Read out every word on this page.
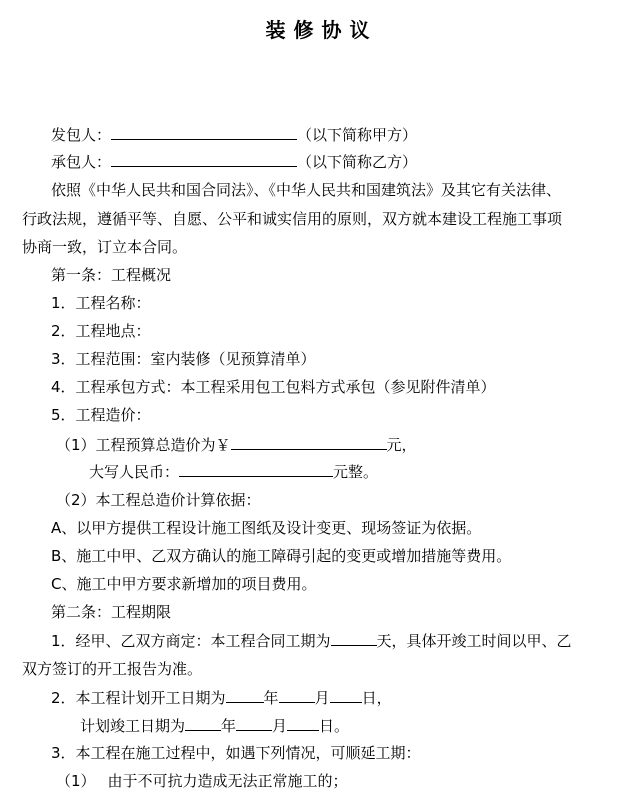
装修协议
发包人：	（以下简称甲方）
承包人：	（以下简称乙方）
依照《中华人民共和国合同法》、《中华人民共和国建筑法》及其它有关法律、
行政法规，遵循平等、自愿、公平和诚实信用的原则，双方就本建设工程施工事项
协商一致，订立本合同。
第一条：工程概况
1．工程名称：
2．工程地点：
3．工程范围：室内装修（见预算清单）
4．工程承包方式：本工程采用包工包料方式承包（参见附件清单）
5．工程造价：
（1）工程预算总造价为￥	元，
大写人民币：	元整。
（2）本工程总造价计算依据：
A、以甲方提供工程设计施工图纸及设计变更、现场签证为依据。
B、施工中甲、乙双方确认的施工障碍引起的变更或增加措施等费用。
C、施工中甲方要求新增加的项目费用。
第二条：工程期限
1．经甲、乙双方商定：本工程合同工期为	天，具体开竣工时间以甲、乙
双方签订的开工报告为准。
2．本工程计划开工日期为	年 月 日，
计划竣工日期为 年 月 日。
3．本工程在施工过程中，如遇下列情况，可顺延工期：
（1） 由于不可抗力造成无法正常施工的；
